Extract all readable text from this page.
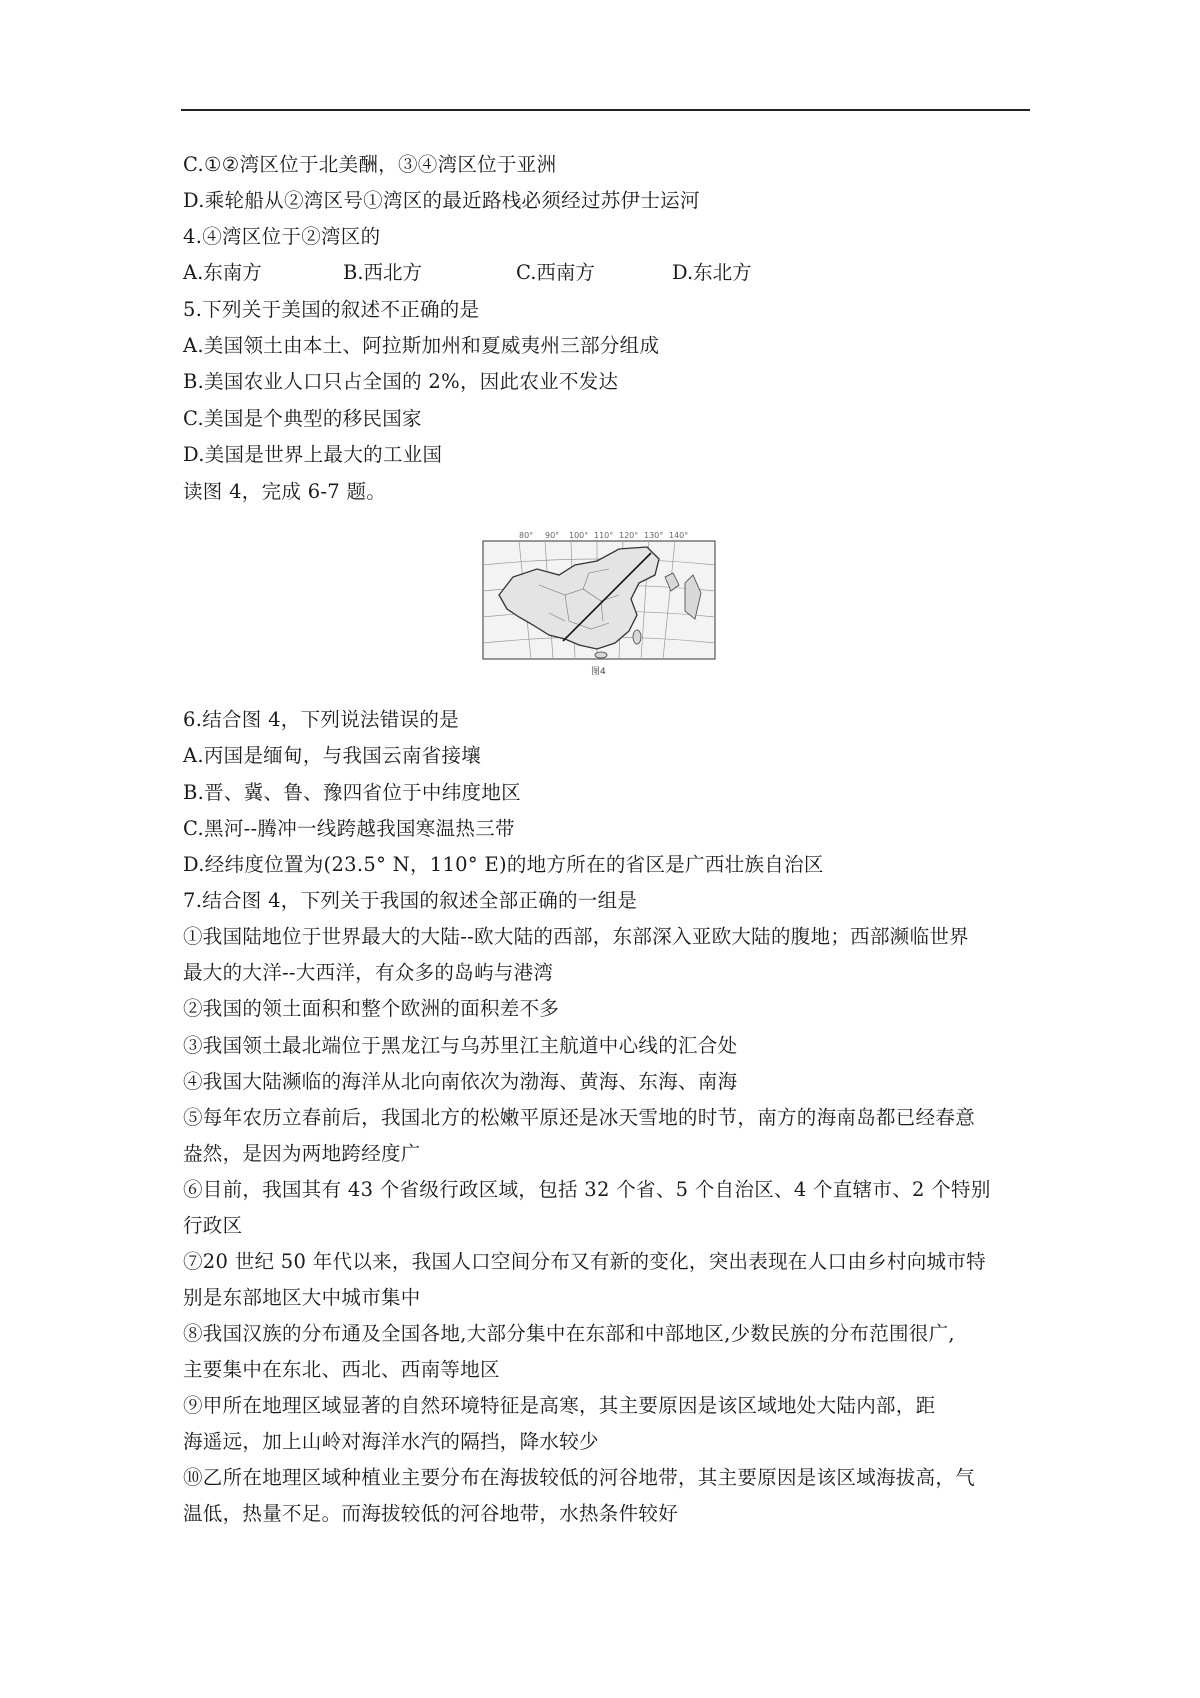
C.①②湾区位于北美酬，③④湾区位于亚洲
D.乘轮船从②湾区号①湾区的最近路栈必须经过苏伊士运河
4.④湾区位于②湾区的
A.东南方	B.西北方	C.西南方	D.东北方
5.下列关于美国的叙述不正确的是
A.美国领土由本土、阿拉斯加州和夏威夷州三部分组成
B.美国农业人口只占全国的 2%，因此农业不发达
C.美国是个典型的移民国家
D.美国是世界上最大的工业国
读图 4，完成 6-7 题。
80° 90° 100° 110° 120° 130° 140°
图4
6.结合图 4，下列说法错误的是
A.丙国是缅甸，与我国云南省接壤
B.晋、冀、鲁、豫四省位于中纬度地区
C.黑河--腾冲一线跨越我国寒温热三带
D.经纬度位置为(23.5° N，110° E)的地方所在的省区是广西壮族自治区
7.结合图 4，下列关于我国的叙述全部正确的一组是
①我国陆地位于世界最大的大陆--欧大陆的西部，东部深入亚欧大陆的腹地；西部濒临世界
最大的大洋--大西洋，有众多的岛屿与港湾
②我国的领土面积和整个欧洲的面积差不多
③我国领土最北端位于黑龙江与乌苏里江主航道中心线的汇合处
④我国大陆濒临的海洋从北向南依次为渤海、黄海、东海、南海
⑤每年农历立春前后，我国北方的松嫩平原还是冰天雪地的时节，南方的海南岛都已经春意
盎然，是因为两地跨经度广
⑥目前，我国其有 43 个省级行政区域，包括 32 个省、5 个自治区、4 个直辖市、2 个特别
行政区
⑦20 世纪 50 年代以来，我国人口空间分布又有新的变化，突出表现在人口由乡村向城市特
别是东部地区大中城市集中
⑧我国汉族的分布通及全国各地,大部分集中在东部和中部地区,少数民族的分布范围很广,
主要集中在东北、西北、西南等地区
⑨甲所在地理区域显著的自然环境特征是高寒，其主要原因是该区域地处大陆内部，距
海遥远，加上山岭对海洋水汽的隔挡，降水较少
⑩乙所在地理区域种植业主要分布在海拔较低的河谷地带，其主要原因是该区域海拔高，气
温低，热量不足。而海拔较低的河谷地带，水热条件较好
